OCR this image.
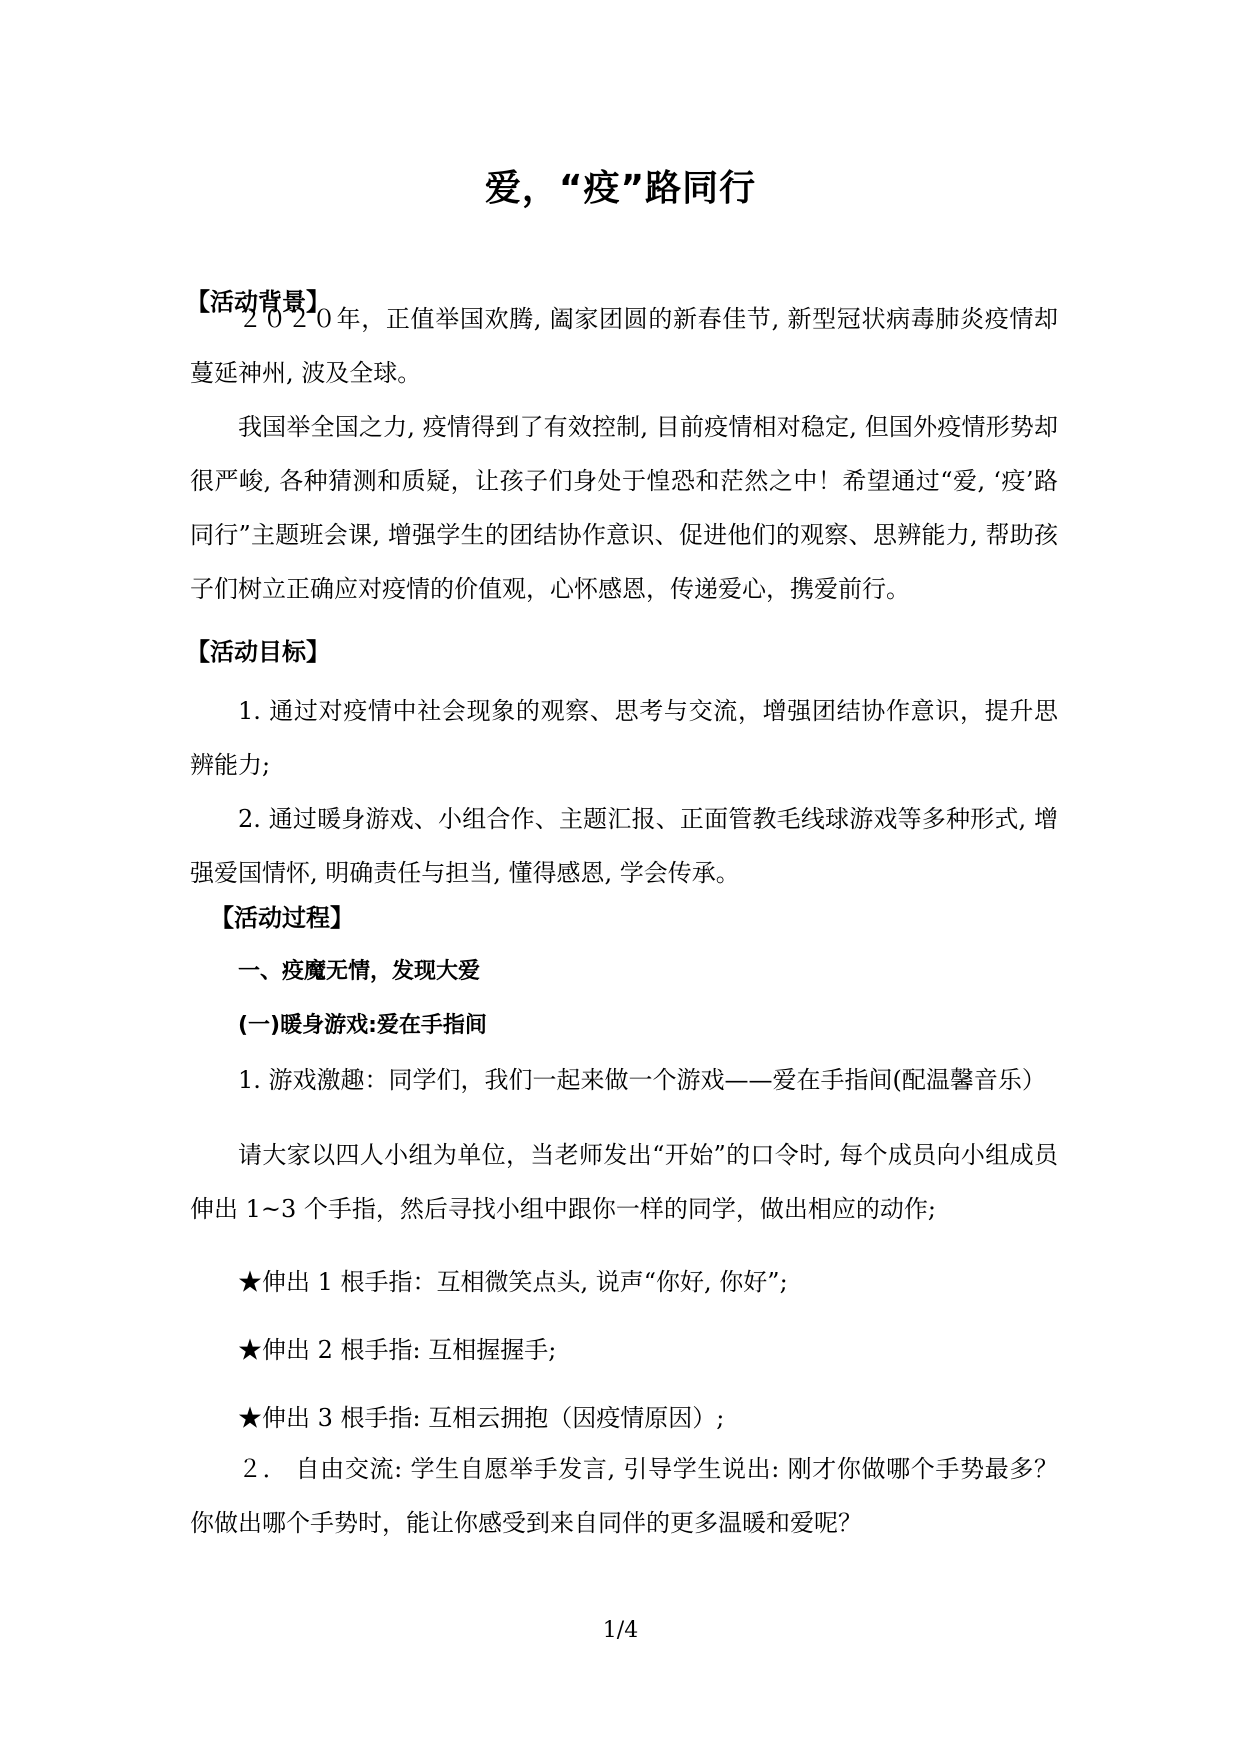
爱，“疫”路同行
【活动背景】
２０２０年，正值举国欢腾, 阖家团圆的新春佳节, 新型冠状病毒肺炎疫情却蔓延神州, 波及全球。
我国举全国之力, 疫情得到了有效控制, 目前疫情相对稳定, 但国外疫情形势却很严峻, 各种猜测和质疑，让孩子们身处于惶恐和茫然之中！希望通过“爱, ‘疫’路同行”主题班会课, 增强学生的团结协作意识、促进他们的观察、思辨能力, 帮助孩子们树立正确应对疫情的价值观，心怀感恩，传递爱心，携爱前行。
【活动目标】
1. 通过对疫情中社会现象的观察、思考与交流，增强团结协作意识，提升思辨能力;
2. 通过暖身游戏、小组合作、主题汇报、正面管教毛线球游戏等多种形式, 增强爱国情怀, 明确责任与担当, 懂得感恩, 学会传承。
【活动过程】
一、疫魔无情，发现大爱
(一)暖身游戏:爱在手指间
1. 游戏激趣：同学们，我们一起来做一个游戏——爱在手指间(配温馨音乐）
请大家以四人小组为单位，当老师发出“开始”的口令时, 每个成员向小组成员伸出 1~3 个手指，然后寻找小组中跟你一样的同学，做出相应的动作;
★伸出 1 根手指：互相微笑点头, 说声“你好, 你好”;
★伸出 2 根手指: 互相握握手;
★伸出 3 根手指: 互相云拥抱（因疫情原因）;
２． 自由交流: 学生自愿举手发言, 引导学生说出: 刚才你做哪个手势最多？你做出哪个手势时，能让你感受到来自同伴的更多温暖和爱呢？
1/4
